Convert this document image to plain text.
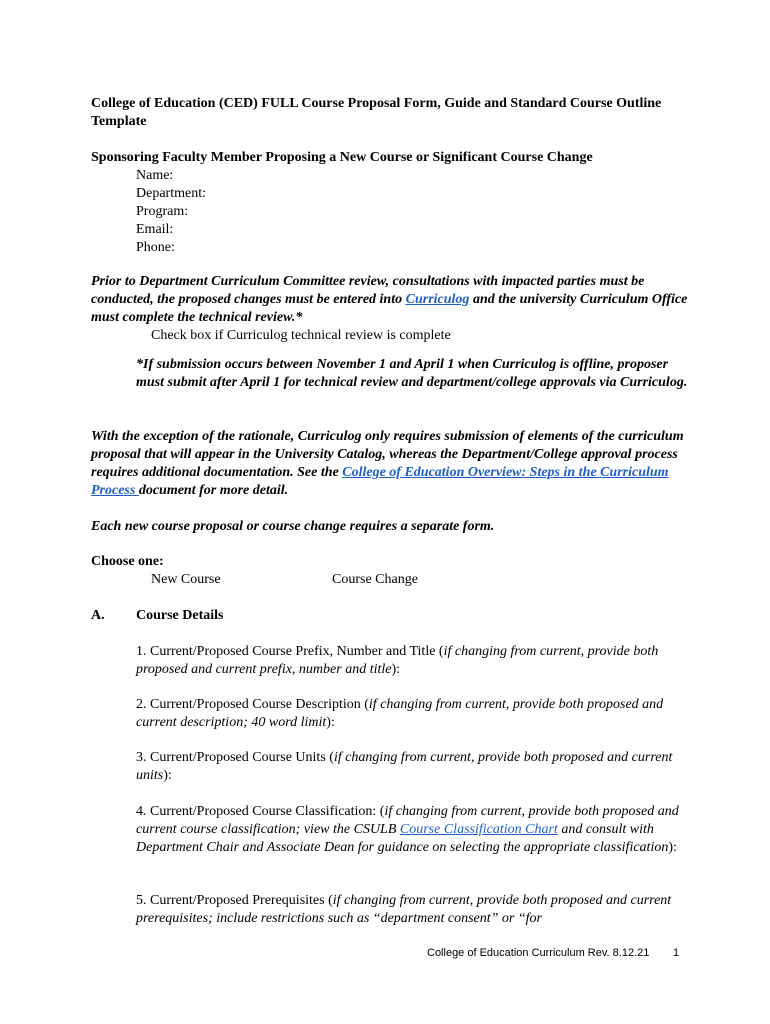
College of Education (CED) FULL Course Proposal Form, Guide and Standard Course Outline Template
Sponsoring Faculty Member Proposing a New Course or Significant Course Change
Name:
Department:
Program:
Email:
Phone:
Prior to Department Curriculum Committee review, consultations with impacted parties must be conducted, the proposed changes must be entered into Curriculog and the university Curriculum Office must complete the technical review.*
Check box if Curriculog technical review is complete
*If submission occurs between November 1 and April 1 when Curriculog is offline, proposer must submit after April 1 for technical review and department/college approvals via Curriculog.
With the exception of the rationale, Curriculog only requires submission of elements of the curriculum proposal that will appear in the University Catalog, whereas the Department/College approval process requires additional documentation. See the College of Education Overview: Steps in the Curriculum Process document for more detail.
Each new course proposal or course change requires a separate form.
Choose one:
New Course	Course Change
A.	Course Details
1. Current/Proposed Course Prefix, Number and Title (if changing from current, provide both proposed and current prefix, number and title):
2. Current/Proposed Course Description (if changing from current, provide both proposed and current description; 40 word limit):
3. Current/Proposed Course Units (if changing from current, provide both proposed and current units):
4. Current/Proposed Course Classification: (if changing from current, provide both proposed and current course classification; view the CSULB Course Classification Chart and consult with Department Chair and Associate Dean for guidance on selecting the appropriate classification):
5. Current/Proposed Prerequisites (if changing from current, provide both proposed and current prerequisites; include restrictions such as “department consent” or “for
College of Education Curriculum Rev. 8.12.21 1
